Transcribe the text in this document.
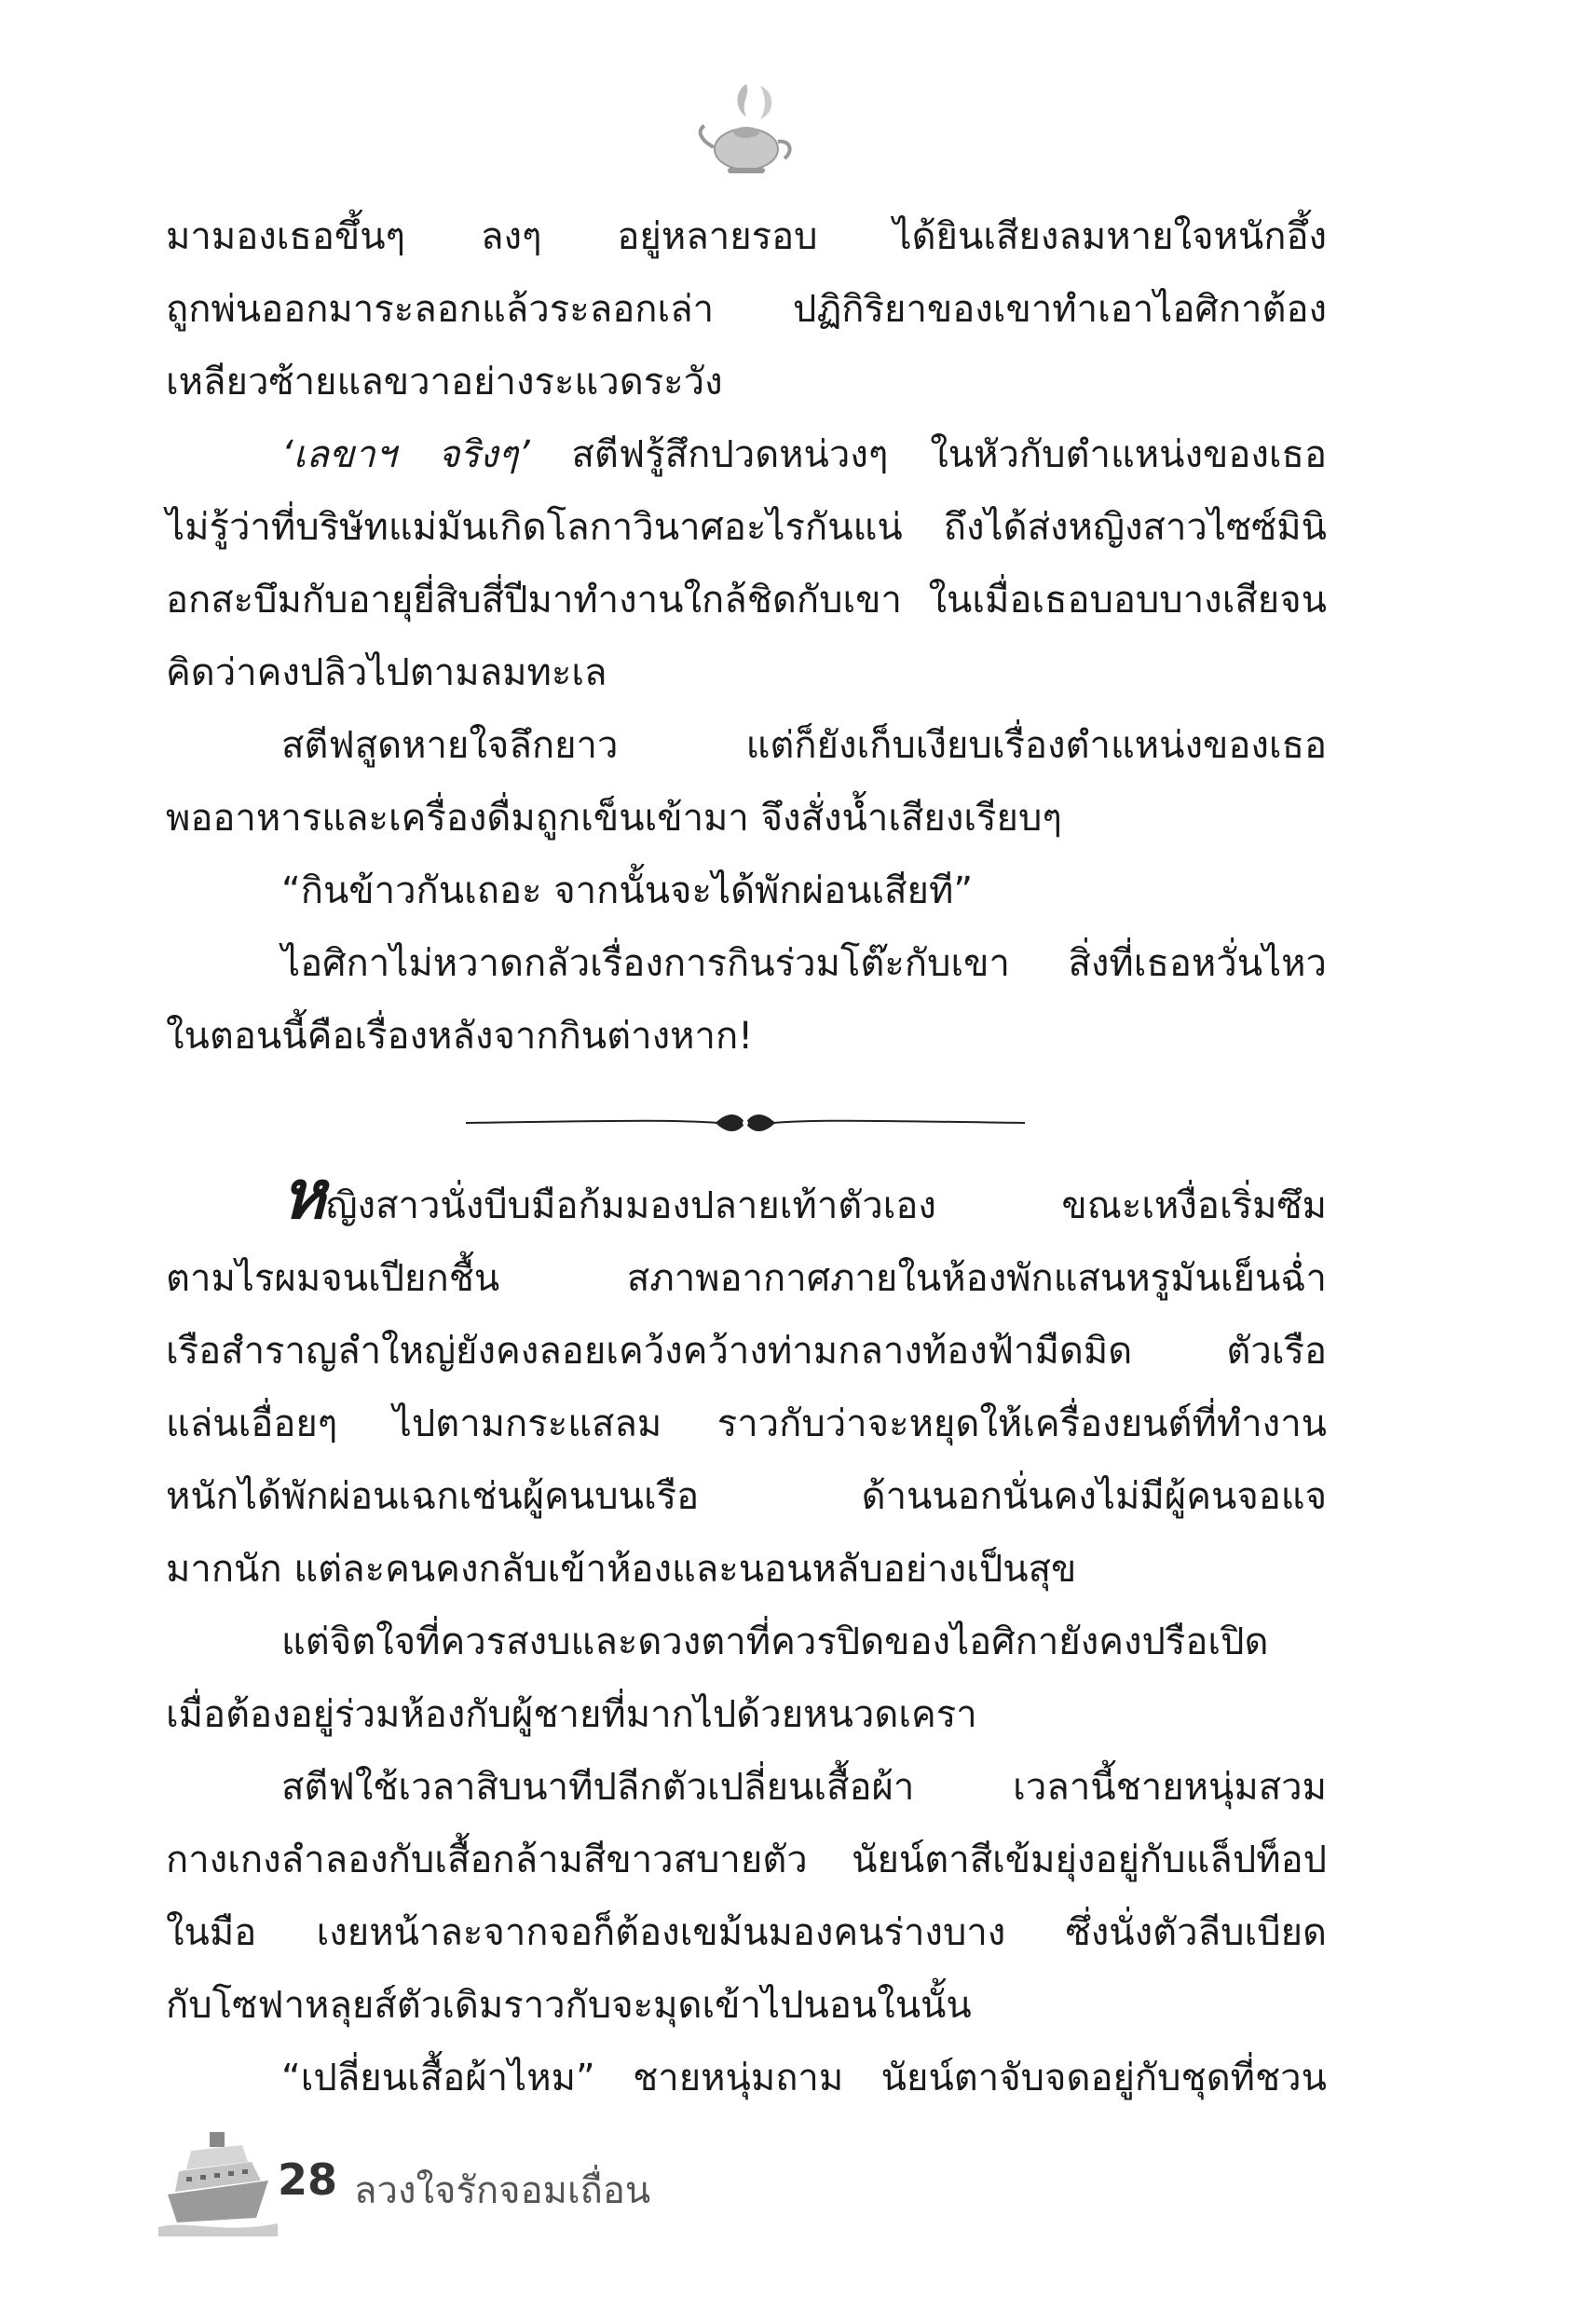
มามองเธอขึ้นๆ ลงๆ อยู่หลายรอบ ได้ยินเสียงลมหายใจหนักอึ้ง

ถูกพ่นออกมาระลอกแล้วระลอกเล่า ปฏิกิริยาของเขาทำเอาไอศิกาต้อง

เหลียวซ้ายแลขวาอย่างระแวดระวัง

‘เลขาฯ จริงๆ’ สตีฟรู้สึกปวดหน่วงๆ ในหัวกับตำแหน่งของเธอ

ไม่รู้ว่าที่บริษัทแม่มันเกิดโลกาวินาศอะไรกันแน่ ถึงได้ส่งหญิงสาวไซซ์มินิ

อกสะบึมกับอายุยี่สิบสี่ปีมาทำงานใกล้ชิดกับเขา ในเมื่อเธอบอบบางเสียจน

คิดว่าคงปลิวไปตามลมทะเล

สตีฟสูดหายใจลึกยาว แต่ก็ยังเก็บเงียบเรื่องตำแหน่งของเธอ

พออาหารและเครื่องดื่มถูกเข็นเข้ามา จึงสั่งน้ำเสียงเรียบๆ

“กินข้าวกันเถอะ จากนั้นจะได้พักผ่อนเสียที”

ไอศิกาไม่หวาดกลัวเรื่องการกินร่วมโต๊ะกับเขา สิ่งที่เธอหวั่นไหว

ในตอนนี้คือเรื่องหลังจากกินต่างหาก!

หญิงสาวนั่งบีบมือก้มมองปลายเท้าตัวเอง ขณะเหงื่อเริ่มซึม

ตามไรผมจนเปียกชื้น สภาพอากาศภายในห้องพักแสนหรูมันเย็นฉ่ำ

เรือสำราญลำใหญ่ยังคงลอยเคว้งคว้างท่ามกลางท้องฟ้ามืดมิด ตัวเรือ

แล่นเอื่อยๆ ไปตามกระแสลม ราวกับว่าจะหยุดให้เครื่องยนต์ที่ทำงาน

หนักได้พักผ่อนเฉกเช่นผู้คนบนเรือ ด้านนอกนั่นคงไม่มีผู้คนจอแจ

มากนัก แต่ละคนคงกลับเข้าห้องและนอนหลับอย่างเป็นสุข

แต่จิตใจที่ควรสงบและดวงตาที่ควรปิดของไอศิกายังคงปรือเปิด

เมื่อต้องอยู่ร่วมห้องกับผู้ชายที่มากไปด้วยหนวดเครา

สตีฟใช้เวลาสิบนาทีปลีกตัวเปลี่ยนเสื้อผ้า เวลานี้ชายหนุ่มสวม

กางเกงลำลองกับเสื้อกล้ามสีขาวสบายตัว นัยน์ตาสีเข้มยุ่งอยู่กับแล็ปท็อป

ในมือ เงยหน้าละจากจอก็ต้องเขม้นมองคนร่างบาง ซึ่งนั่งตัวลีบเบียด

กับโซฟาหลุยส์ตัวเดิมราวกับจะมุดเข้าไปนอนในนั้น

“เปลี่ยนเสื้อผ้าไหม” ชายหนุ่มถาม นัยน์ตาจับจดอยู่กับชุดที่ชวน

28 ลวงใจรักจอมเถื่อน
